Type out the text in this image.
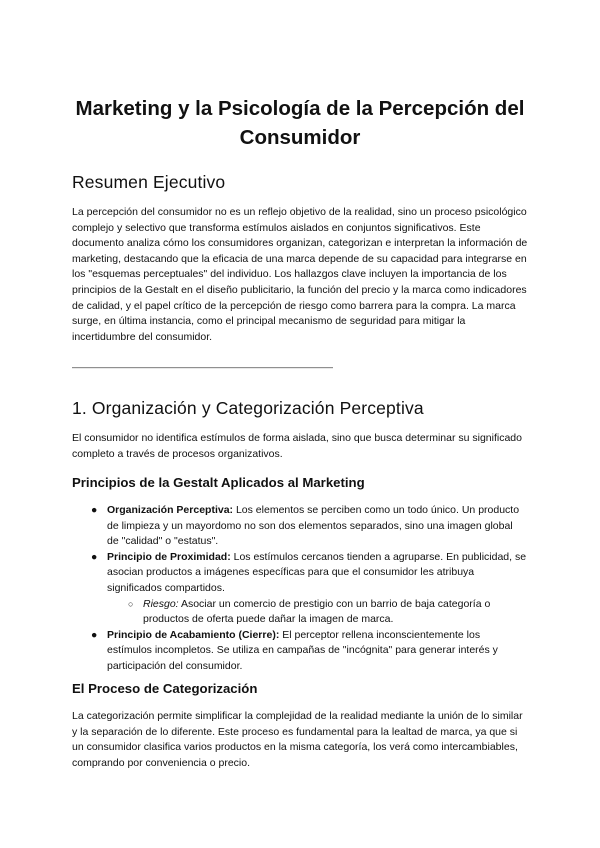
Marketing y la Psicología de la Percepción del Consumidor
Resumen Ejecutivo

La percepción del consumidor no es un reflejo objetivo de la realidad, sino un proceso psicológico complejo y selectivo que transforma estímulos aislados en conjuntos significativos. Este documento analiza cómo los consumidores organizan, categorizan e interpretan la información de marketing, destacando que la eficacia de una marca depende de su capacidad para integrarse en los "esquemas perceptuales" del individuo. Los hallazgos clave incluyen la importancia de los principios de la Gestalt en el diseño publicitario, la función del precio y la marca como indicadores de calidad, y el papel crítico de la percepción de riesgo como barrera para la compra. La marca surge, en última instancia, como el principal mecanismo de seguridad para mitigar la incertidumbre del consumidor.

—————————————————————————————
1. Organización y Categorización Perceptiva

El consumidor no identifica estímulos de forma aislada, sino que busca determinar su significado completo a través de procesos organizativos.

Principios de la Gestalt Aplicados al Marketing
● Organización Perceptiva: Los elementos se perciben como un todo único. Un producto de limpieza y un mayordomo no son dos elementos separados, sino una imagen global de "calidad" o "estatus".
● Principio de Proximidad: Los estímulos cercanos tienden a agruparse. En publicidad, se asocian productos a imágenes específicas para que el consumidor les atribuya significados compartidos.
○ Riesgo: Asociar un comercio de prestigio con un barrio de baja categoría o productos de oferta puede dañar la imagen de marca.
● Principio de Acabamiento (Cierre): El perceptor rellena inconscientemente los estímulos incompletos. Se utiliza en campañas de "incógnita" para generar interés y participación del consumidor.
El Proceso de Categorización

La categorización permite simplificar la complejidad de la realidad mediante la unión de lo similar y la separación de lo diferente. Este proceso es fundamental para la lealtad de marca, ya que si un consumidor clasifica varios productos en la misma categoría, los verá como intercambiables, comprando por conveniencia o precio.
